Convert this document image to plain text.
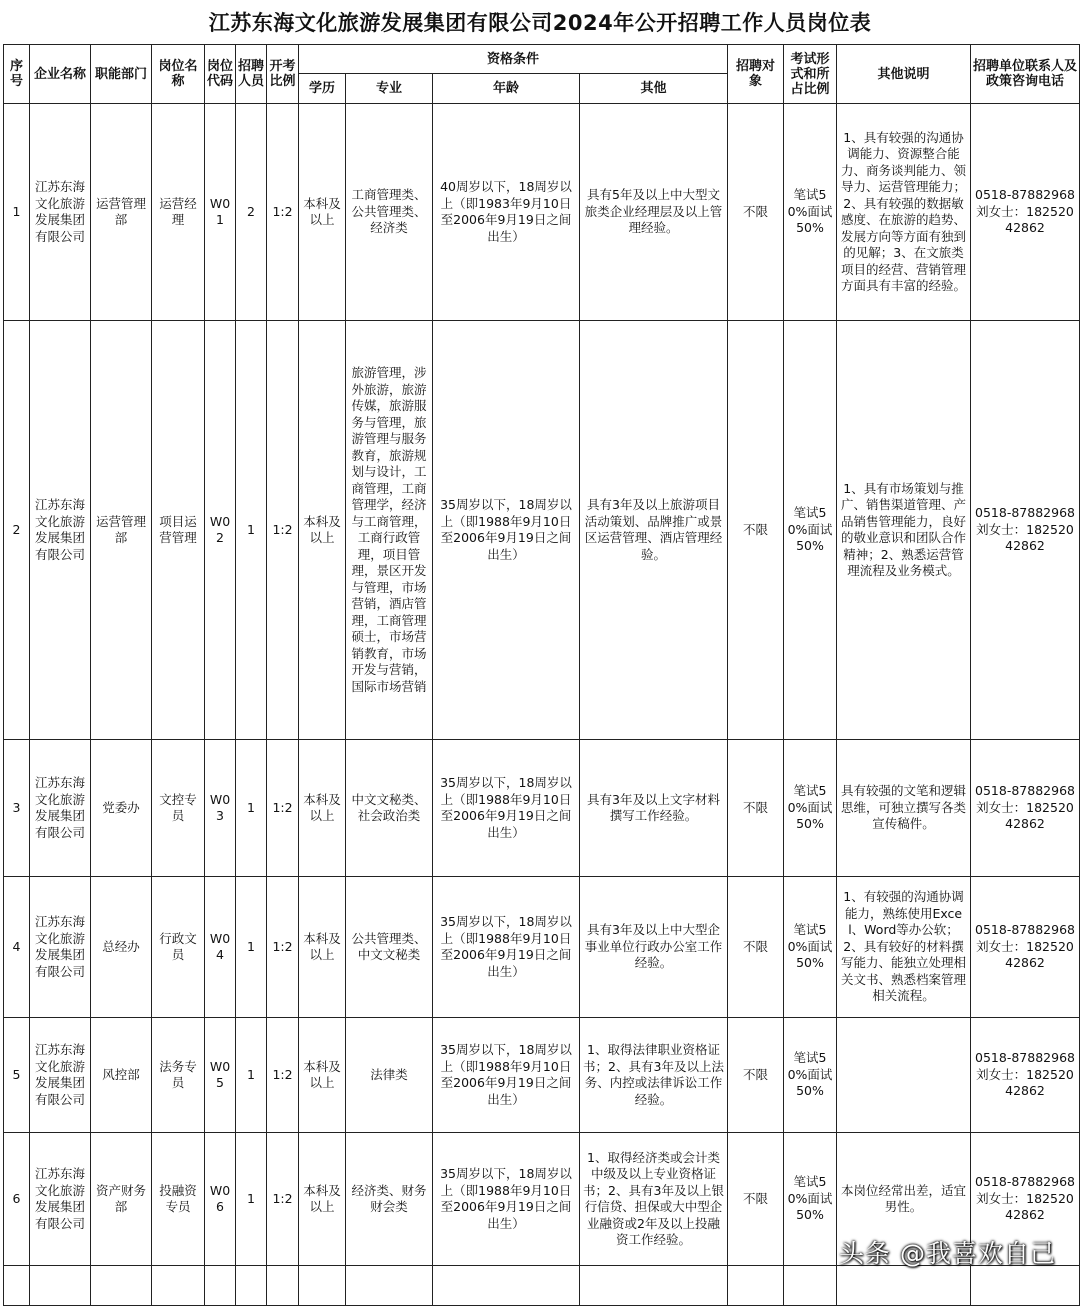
江苏东海文化旅游发展集团有限公司2024年公开招聘工作人员岗位表
序号	企业名称	职能部门	岗位名称	岗位代码	招聘人员	开考比例	资格条件				招聘对象	考试形式和所占比例	其他说明	招聘单位联系人及政策咨询电话
							学历	专业	年龄	其他				
1	江苏东海文化旅游发展集团有限公司	运营管理部	运营经理	W01	2	1:2	本科及以上	工商管理类、公共管理类、经济类	40周岁以下，18周岁以上（即1983年9月10日至2006年9月19日之间出生）	具有5年及以上中大型文旅类企业经理层及以上管理经验。	不限	笔试50%面试50%	1、具有较强的沟通协调能力、资源整合能力、商务谈判能力、领导力、运营管理能力；2、具有较强的数据敏感度、在旅游的趋势、发展方向等方面有独到的见解；3、在文旅类项目的经营、营销管理方面具有丰富的经验。	0518-87882968 刘女士：18252042862
2	江苏东海文化旅游发展集团有限公司	运营管理部	项目运营管理	W02	1	1:2	本科及以上	旅游管理，涉外旅游，旅游传媒，旅游服务与管理，旅游管理与服务教育，旅游规划与设计，工商管理，工商管理学，经济与工商管理，工商行政管理，项目管理，景区开发与管理，市场营销，酒店管理，工商管理硕士，市场营销教育，市场开发与营销，国际市场营销	35周岁以下，18周岁以上（即1988年9月10日至2006年9月19日之间出生）	具有3年及以上旅游项目活动策划、品牌推广或景区运营管理、酒店管理经验。	不限	笔试50%面试50%	1、具有市场策划与推广、销售渠道管理、产品销售管理能力，良好的敬业意识和团队合作精神；2、熟悉运营管理流程及业务模式。	0518-87882968 刘女士：18252042862
3	江苏东海文化旅游发展集团有限公司	党委办	文控专员	W03	1	1:2	本科及以上	中文文秘类、社会政治类	35周岁以下，18周岁以上（即1988年9月10日至2006年9月19日之间出生）	具有3年及以上文字材料撰写工作经验。	不限	笔试50%面试50%	具有较强的文笔和逻辑思维，可独立撰写各类宣传稿件。	0518-87882968 刘女士：18252042862
4	江苏东海文化旅游发展集团有限公司	总经办	行政文员	W04	1	1:2	本科及以上	公共管理类、中文文秘类	35周岁以下，18周岁以上（即1988年9月10日至2006年9月19日之间出生）	具有3年及以上中大型企事业单位行政办公室工作经验。	不限	笔试50%面试50%	1、有较强的沟通协调能力，熟练使用Excel、Word等办公软；2、具有较好的材料撰写能力、能独立处理相关文书、熟悉档案管理相关流程。	0518-87882968 刘女士：18252042862
5	江苏东海文化旅游发展集团有限公司	风控部	法务专员	W05	1	1:2	本科及以上	法律类	35周岁以下，18周岁以上（即1988年9月10日至2006年9月19日之间出生）	1、取得法律职业资格证书；2、具有3年及以上法务、内控或法律诉讼工作经验。	不限	笔试50%面试50%		0518-87882968 刘女士：18252042862
6	江苏东海文化旅游发展集团有限公司	资产财务部	投融资专员	W06	1	1:2	本科及以上	经济类、财务财会类	35周岁以下，18周岁以上（即1988年9月10日至2006年9月19日之间出生）	1、取得经济类或会计类中级及以上专业资格证书；2、具有3年及以上银行信贷、担保或大中型企业融资或2年及以上投融资工作经验。	不限	笔试50%面试50%	本岗位经常出差，适宜男性。	0518-87882968 刘女士：18252042862

头条 @我喜欢自己
